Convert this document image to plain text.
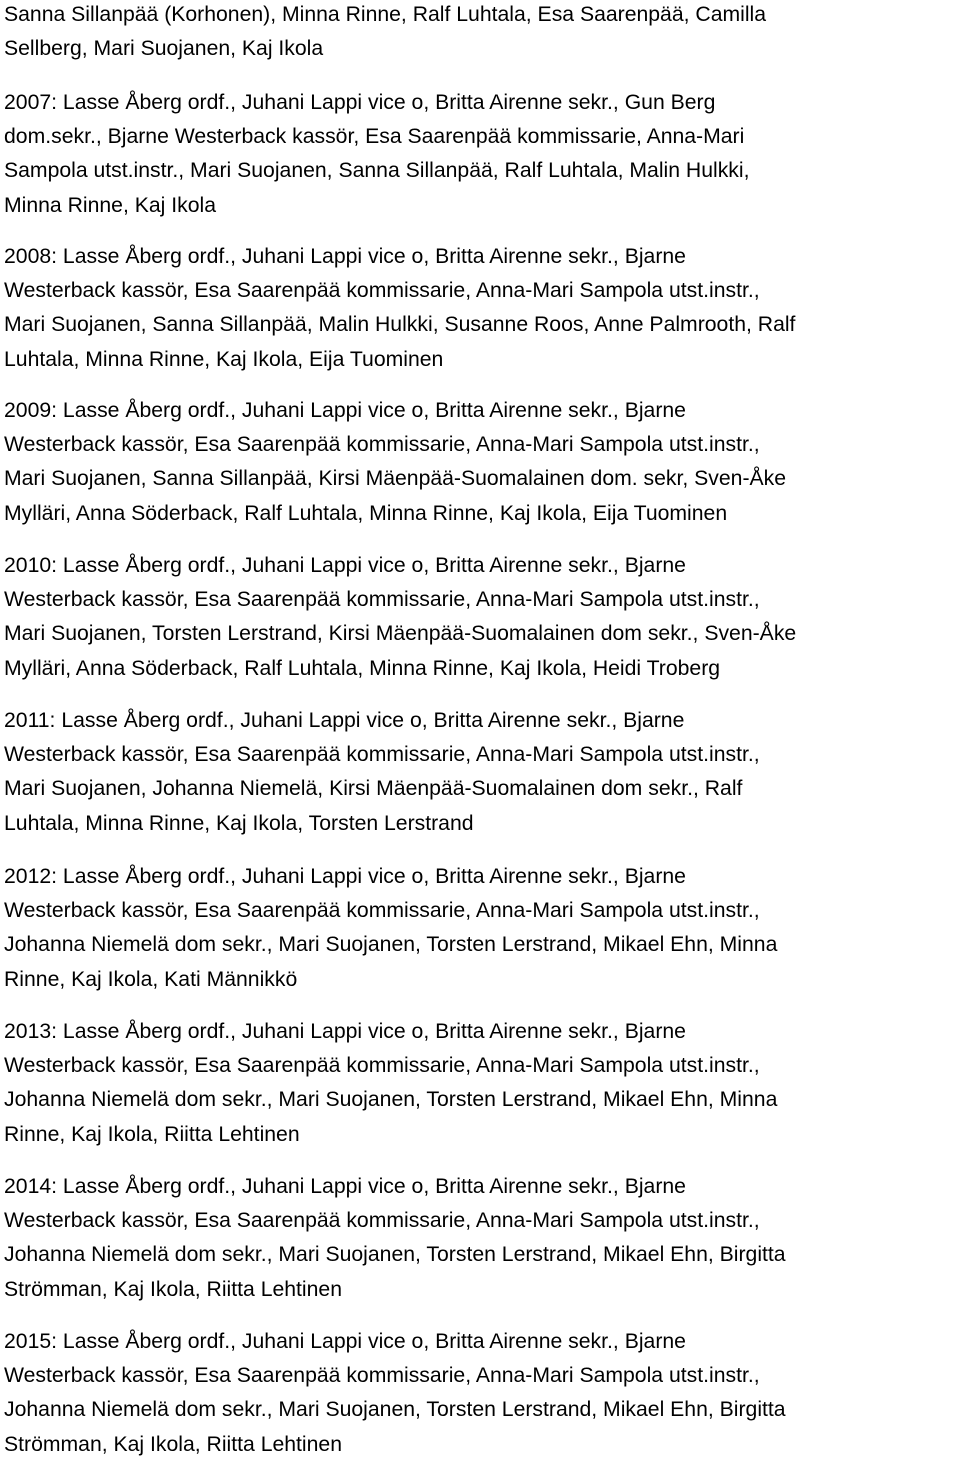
Sanna Sillanpää (Korhonen), Minna Rinne, Ralf Luhtala, Esa Saarenpää, Camilla
Sellberg, Mari Suojanen, Kaj Ikola
2007: Lasse Åberg ordf., Juhani Lappi vice o, Britta Airenne sekr., Gun Berg
dom.sekr., Bjarne Westerback kassör, Esa Saarenpää kommissarie, Anna-Mari
Sampola utst.instr., Mari Suojanen, Sanna Sillanpää, Ralf Luhtala, Malin Hulkki,
Minna Rinne, Kaj Ikola
2008: Lasse Åberg ordf., Juhani Lappi vice o, Britta Airenne sekr., Bjarne
Westerback kassör, Esa Saarenpää kommissarie, Anna-Mari Sampola utst.instr.,
Mari Suojanen, Sanna Sillanpää, Malin Hulkki, Susanne Roos, Anne Palmrooth, Ralf
Luhtala, Minna Rinne, Kaj Ikola, Eija Tuominen
2009: Lasse Åberg ordf., Juhani Lappi vice o, Britta Airenne sekr., Bjarne
Westerback kassör, Esa Saarenpää kommissarie, Anna-Mari Sampola utst.instr.,
Mari Suojanen, Sanna Sillanpää, Kirsi Mäenpää-Suomalainen dom. sekr, Sven-Åke
Mylläri, Anna Söderback, Ralf Luhtala, Minna Rinne, Kaj Ikola, Eija Tuominen
2010: Lasse Åberg ordf., Juhani Lappi vice o, Britta Airenne sekr., Bjarne
Westerback kassör, Esa Saarenpää kommissarie, Anna-Mari Sampola utst.instr.,
Mari Suojanen, Torsten Lerstrand, Kirsi Mäenpää-Suomalainen dom sekr., Sven-Åke
Mylläri, Anna Söderback, Ralf Luhtala, Minna Rinne, Kaj Ikola, Heidi Troberg
2011: Lasse Åberg ordf., Juhani Lappi vice o, Britta Airenne sekr., Bjarne
Westerback kassör, Esa Saarenpää kommissarie, Anna-Mari Sampola utst.instr.,
Mari Suojanen, Johanna Niemelä, Kirsi Mäenpää-Suomalainen dom sekr., Ralf
Luhtala, Minna Rinne, Kaj Ikola, Torsten Lerstrand
2012: Lasse Åberg ordf., Juhani Lappi vice o, Britta Airenne sekr., Bjarne
Westerback kassör, Esa Saarenpää kommissarie, Anna-Mari Sampola utst.instr.,
Johanna Niemelä dom sekr., Mari Suojanen, Torsten Lerstrand, Mikael Ehn, Minna
Rinne, Kaj Ikola, Kati Männikkö
2013: Lasse Åberg ordf., Juhani Lappi vice o, Britta Airenne sekr., Bjarne
Westerback kassör, Esa Saarenpää kommissarie, Anna-Mari Sampola utst.instr.,
Johanna Niemelä dom sekr., Mari Suojanen, Torsten Lerstrand, Mikael Ehn, Minna
Rinne, Kaj Ikola, Riitta Lehtinen
2014: Lasse Åberg ordf., Juhani Lappi vice o, Britta Airenne sekr., Bjarne
Westerback kassör, Esa Saarenpää kommissarie, Anna-Mari Sampola utst.instr.,
Johanna Niemelä dom sekr., Mari Suojanen, Torsten Lerstrand, Mikael Ehn, Birgitta
Strömman, Kaj Ikola, Riitta Lehtinen
2015: Lasse Åberg ordf., Juhani Lappi vice o, Britta Airenne sekr., Bjarne
Westerback kassör, Esa Saarenpää kommissarie, Anna-Mari Sampola utst.instr.,
Johanna Niemelä dom sekr., Mari Suojanen, Torsten Lerstrand, Mikael Ehn, Birgitta
Strömman, Kaj Ikola, Riitta Lehtinen
